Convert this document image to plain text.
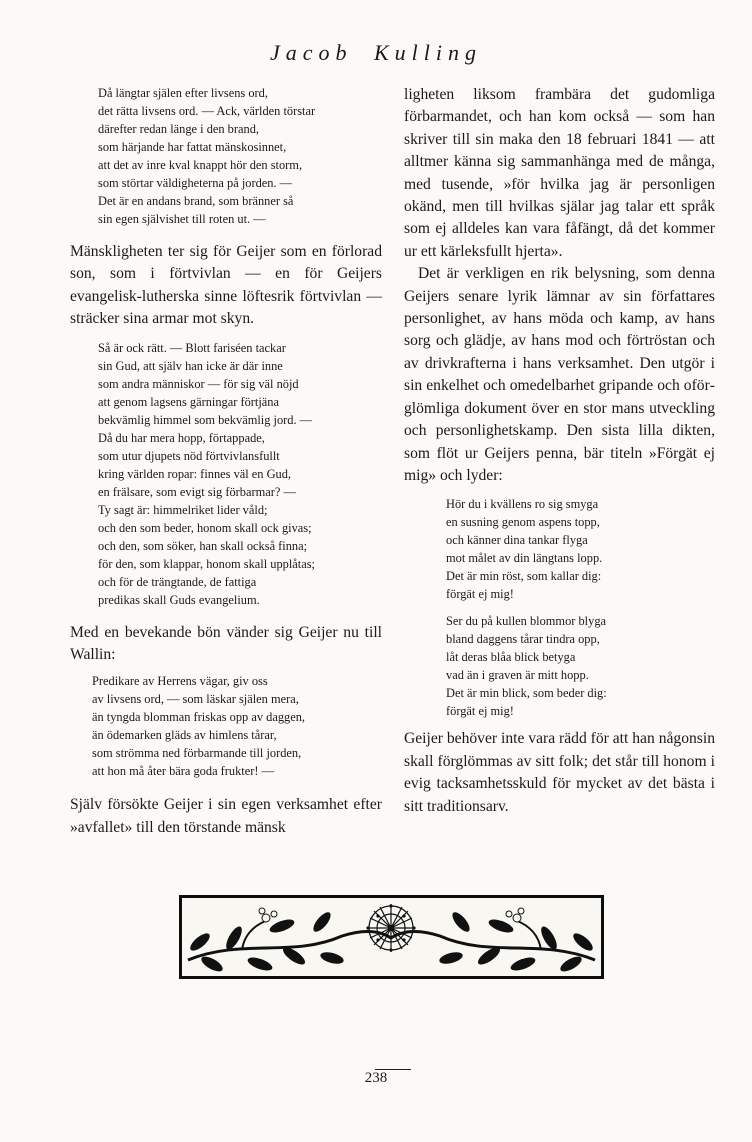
Jacob Kulling
Då längtar själen efter livsens ord,
det rätta livsens ord. — Ack, världen törstar
därefter redan länge i den brand,
som härjande har fattat mänskosinnet,
att det av inre kval knappt hör den storm,
som störtar väldigheterna på jorden. —
Det är en andans brand, som bränner så
sin egen självishet till roten ut. —

Mänskligheten ter sig för Geijer som en förlorad son, som i förtvivlan — en för Geijers evangelisk-lutherska sinne löftesrik förtvivlan — sträcker sina armar mot skyn.

Så är ock rätt. — Blott fariséen tackar
sin Gud, att själv han icke är där inne
som andra människor — för sig väl nöjd
att genom lagsens gärningar förtjäna
bekvämlig himmel som bekvämlig jord. —
Då du har mera hopp, förtappade,
som utur djupets nöd förtvivlansfullt
kring världen ropar: finnes väl en Gud,
en frälsare, som evigt sig förbarmar? —
Ty sagt är: himmelriket lider våld;
och den som beder, honom skall ock givas;
och den, som söker, han skall också finna;
för den, som klappar, honom skall upplåtas;
och för de trängtande, de fattiga
predikas skall Guds evangelium.

Med en bevekande bön vänder sig Geijer nu till Wallin:

Predikare av Herrens vägar, giv oss
av livsens ord, — som läskar själen mera,
än tyngda blomman friskas opp av daggen,
än ödemarken gläds av himlens tårar,
som strömma ned förbarmande till jorden,
att hon må åter bära goda frukter! —

Själv försökte Geijer i sin egen verksamhet efter »avfallet» till den törstande mänsk

ligheten liksom frambära det gudomliga förbarmandet, och han kom också — som han skriver till sin maka den 18 februari 1841 — att alltmer känna sig sammanhänga med de många, med tusende, »för hvilka jag är personligen okänd, men till hvilkas själar jag talar ett språk som ej alldeles kan vara fåfängt, då det kommer ur ett kärleksfullt hjerta».

Det är verkligen en rik belysning, som denna Geijers senare lyrik lämnar av sin författares personlighet, av hans möda och kamp, av hans sorg och glädje, av hans mod och förtröstan och av drivkrafterna i hans verksamhet. Den utgör i sin enkelhet och omedelbarhet gripande och oförglömliga dokument över en stor mans utveckling och personlighetskamp. Den sista lilla dikten, som flöt ur Geijers penna, bär titeln »Förgät ej mig» och lyder:

Hör du i kvällens ro sig smyga
en susning genom aspens topp,
och känner dina tankar flyga
mot målet av din längtans lopp.
Det är min röst, som kallar dig:
förgät ej mig!
Ser du på kullen blommor blyga
bland daggens tårar tindra opp,
låt deras blåa blick betyga
vad än i graven är mitt hopp.
Det är min blick, som beder dig:
förgät ej mig!

Geijer behöver inte vara rädd för att han någonsin skall förglömmas av sitt folk; det står till honom i evig tacksamhetsskuld för mycket av det bästa i sitt traditionsarv.

238
